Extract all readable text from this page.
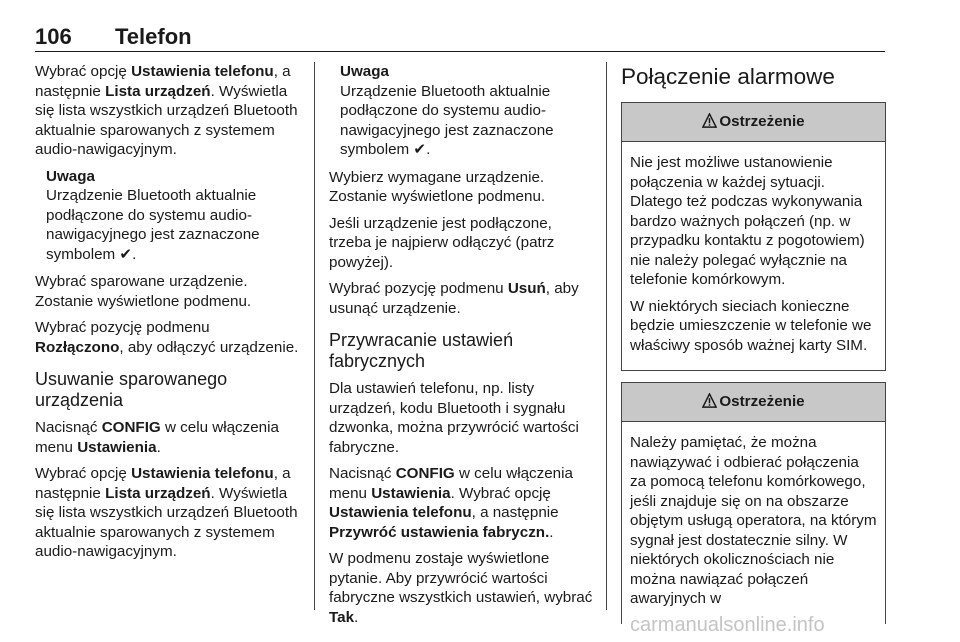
106 Telefon

Wybrać opcję Ustawienia telefonu, a następnie Lista urządzeń. Wyświetla się lista wszystkich urządzeń Bluetooth aktualnie sparowanych z systemem audio-nawigacyjnym.

Uwaga
Urządzenie Bluetooth aktualnie podłączone do systemu audio-nawigacyjnego jest zaznaczone symbolem ✔.

Wybrać sparowane urządzenie. Zostanie wyświetlone podmenu.

Wybrać pozycję podmenu Rozłączono, aby odłączyć urządzenie.

Usuwanie sparowanego urządzenia

Nacisnąć CONFIG w celu włączenia menu Ustawienia.

Wybrać opcję Ustawienia telefonu, a następnie Lista urządzeń. Wyświetla się lista wszystkich urządzeń Bluetooth aktualnie sparowanych z systemem audio-nawigacyjnym.

Uwaga
Urządzenie Bluetooth aktualnie podłączone do systemu audio-nawigacyjnego jest zaznaczone symbolem ✔.

Wybierz wymagane urządzenie. Zostanie wyświetlone podmenu.

Jeśli urządzenie jest podłączone, trzeba je najpierw odłączyć (patrz powyżej).

Wybrać pozycję podmenu Usuń, aby usunąć urządzenie.

Przywracanie ustawień fabrycznych

Dla ustawień telefonu, np. listy urządzeń, kodu Bluetooth i sygnału dzwonka, można przywrócić wartości fabryczne.

Nacisnąć CONFIG w celu włączenia menu Ustawienia. Wybrać opcję Ustawienia telefonu, a następnie Przywróć ustawienia fabryczn..

W podmenu zostaje wyświetlone pytanie. Aby przywrócić wartości fabryczne wszystkich ustawień, wybrać Tak.

Połączenie alarmowe
Ostrzeżenie

Nie jest możliwe ustanowienie połączenia w każdej sytuacji. Dlatego też podczas wykonywania bardzo ważnych połączeń (np. w przypadku kontaktu z pogotowiem) nie należy polegać wyłącznie na telefonie komórkowym.

W niektórych sieciach konieczne będzie umieszczenie w telefonie we właściwy sposób ważnej karty SIM.

Ostrzeżenie

Należy pamiętać, że można nawiązywać i odbierać połączenia za pomocą telefonu komórkowego, jeśli znajduje się on na obszarze objętym usługą operatora, na którym sygnał jest dostatecznie silny. W niektórych okolicznościach nie można nawiązać połączeń awaryjnych w

carmanualsonline.info
